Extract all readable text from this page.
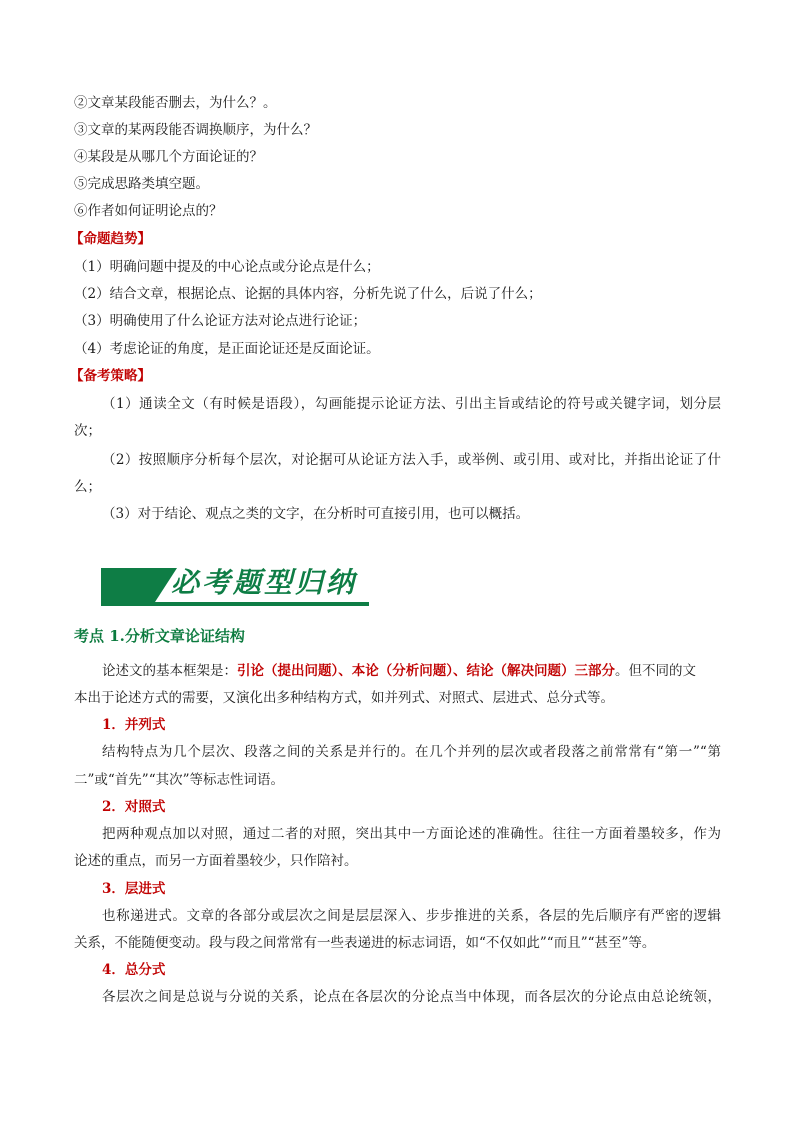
②文章某段能否删去，为什么？。
③文章的某两段能否调换顺序，为什么？
④某段是从哪几个方面论证的？
⑤完成思路类填空题。
⑥作者如何证明论点的？
【命题趋势】
（1）明确问题中提及的中心论点或分论点是什么；
（2）结合文章，根据论点、论据的具体内容，分析先说了什么，后说了什么；
（3）明确使用了什么论证方法对论点进行论证；
（4）考虑论证的角度，是正面论证还是反面论证。
【备考策略】
（1）通读全文（有时候是语段），勾画能提示论证方法、引出主旨或结论的符号或关键字词，划分层
次；
（2）按照顺序分析每个层次，对论据可从论证方法入手，或举例、或引用、或对比，并指出论证了什
么；
（3）对于结论、观点之类的文字，在分析时可直接引用，也可以概括。
必考题型归纳
考点 1.分析文章论证结构
论述文的基本框架是：引论（提出问题）、本论（分析问题）、结论（解决问题）三部分。但不同的文
本出于论述方式的需要，又演化出多种结构方式，如并列式、对照式、层进式、总分式等。
1．并列式
结构特点为几个层次、段落之间的关系是并行的。在几个并列的层次或者段落之前常常有“第一”“第
二”或“首先”“其次”等标志性词语。
2．对照式
把两种观点加以对照，通过二者的对照，突出其中一方面论述的准确性。往往一方面着墨较多，作为
论述的重点，而另一方面着墨较少，只作陪衬。
3．层进式
也称递进式。文章的各部分或层次之间是层层深入、步步推进的关系，各层的先后顺序有严密的逻辑
关系，不能随便变动。段与段之间常常有一些表递进的标志词语，如“不仅如此”“而且”“甚至”等。
4．总分式
各层次之间是总说与分说的关系，论点在各层次的分论点当中体现，而各层次的分论点由总论统领，
